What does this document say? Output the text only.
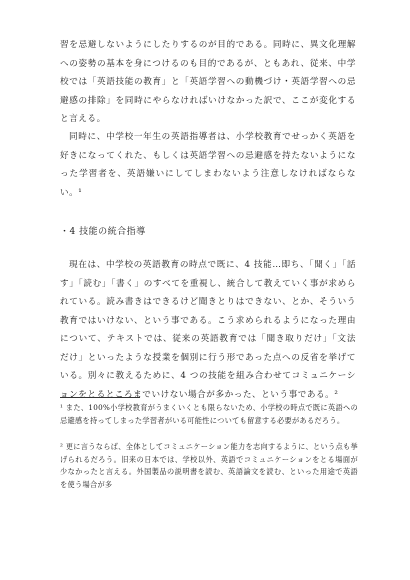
習を忌避しないようにしたりするのが目的である。同時に、異文化理解への姿勢の基本を身につけるのも目的であるが、ともあれ、従来、中学校では「英語技能の教育」と「英語学習への動機づけ・英語学習への忌避感の排除」を同時にやらなければいけなかった訳で、ここが変化すると言える。

同時に、中学校一年生の英語指導者は、小学校教育でせっかく英語を好きになってくれた、もしくは英語学習への忌避感を持たないようになった学習者を、英語嫌いにしてしまわないよう注意しなければならない。¹

・4 技能の統合指導

現在は、中学校の英語教育の時点で既に、4 技能…即ち、「聞く」「話す」「読む」「書く」のすべてを重視し、統合して教えていく事が求められている。読み書きはできるけど聞きとりはできない、とか、そういう教育ではいけない、という事である。こう求められるようになった理由について、テキストでは、従来の英語教育では「聞き取りだけ」「文法だけ」といったような授業を個別に行う形であった点への反省を挙げている。別々に教えるために、4 つの技能を組み合わせてコミュニケーションをとるところまでいけない場合が多かった、という事である。²

¹ また、100%小学校教育がうまくいくとも限らないため、小学校の時点で既に英語への忌避感を持ってしまった学習者がいる可能性についても留意する必要があるだろう。

² 更に言うならば、全体としてコミュニケーション能力を志向するように、という点も挙げられるだろう。旧来の日本では、学校以外、英語でコミュニケーションをとる場面が少なかったと言える。外国製品の説明書を読む、英語論文を読む、といった用途で英語を使う場合が多
